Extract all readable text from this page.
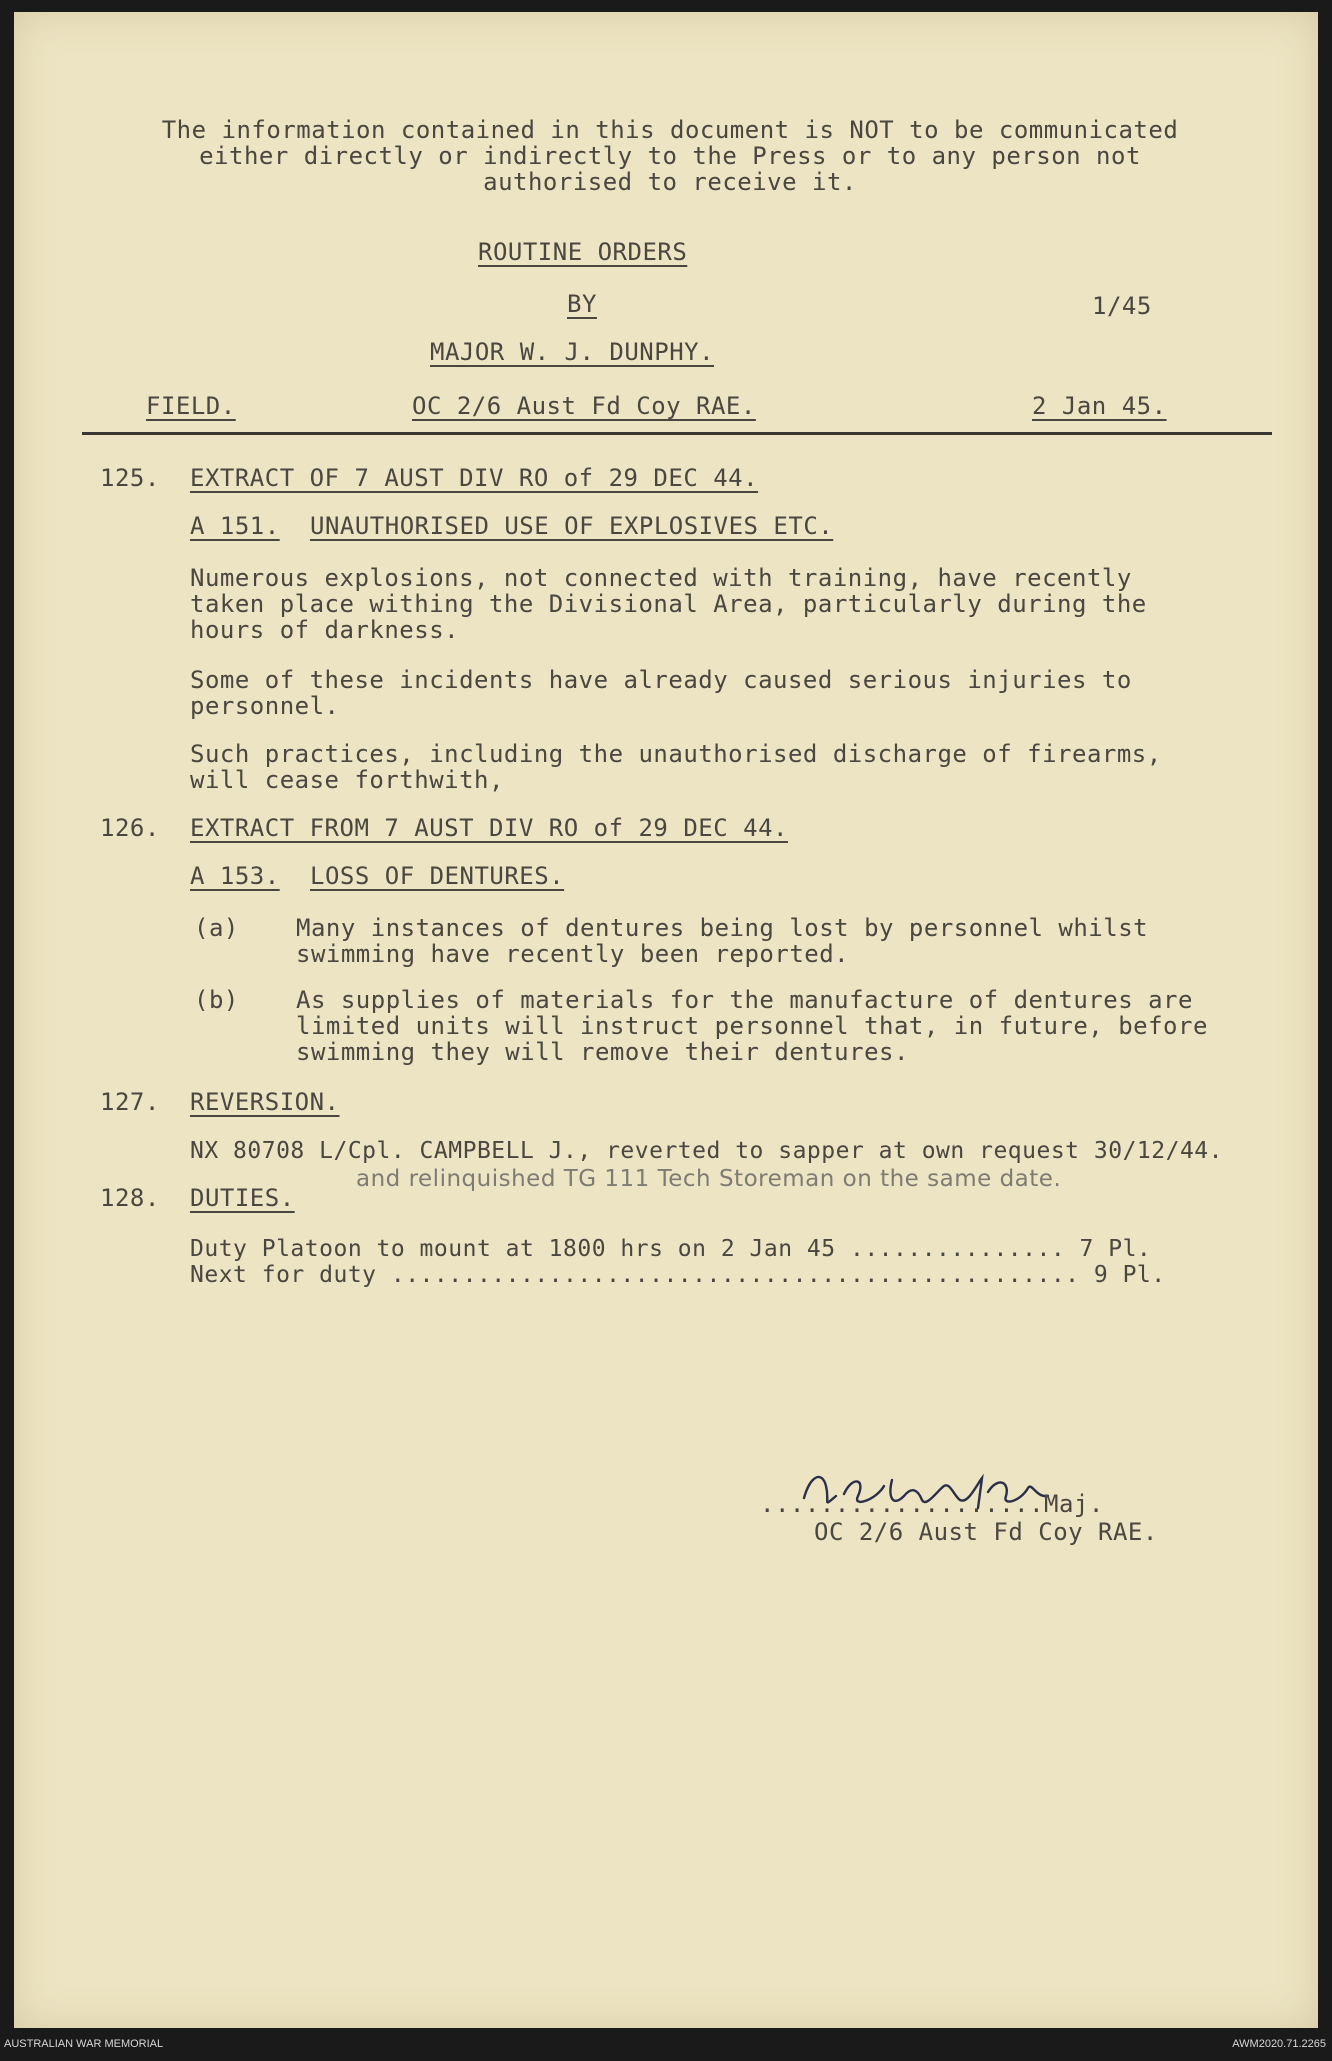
The information contained in this document is NOT to be communicated
either directly or indirectly to the Press or to any person not
authorised to receive it.
ROUTINE ORDERS
BY	1/45
MAJOR W. J. DUNPHY.
FIELD.	OC 2/6 Aust Fd Coy RAE.	2 Jan 45.
125. EXTRACT OF 7 AUST DIV RO of 29 DEC 44.
A 151. UNAUTHORISED USE OF EXPLOSIVES ETC.
Numerous explosions, not connected with training, have recently
taken place withing the Divisional Area, particularly during the
hours of darkness.
Some of these incidents have already caused serious injuries to
personnel.
Such practices, including the unauthorised discharge of firearms,
will cease forthwith,
126. EXTRACT FROM 7 AUST DIV RO of 29 DEC 44.
A 153. LOSS OF DENTURES.
(a) Many instances of dentures being lost by personnel whilst
swimming have recently been reported.
(b) As supplies of materials for the manufacture of dentures are
limited units will instruct personnel that, in future, before
swimming they will remove their dentures.
127. REVERSION.
NX 80708 L/Cpl. CAMPBELL J., reverted to sapper at own request 30/12/44.
and relinquished TG 111 Tech Storeman on the same date.
128. DUTIES.
Duty Platoon to mount at 1800 hrs on 2 Jan 45 ............... 7 Pl.
Next for duty ................................................ 9 Pl.
...................Maj.
OC 2/6 Aust Fd Coy RAE.
AUSTRALIAN WAR MEMORIAL	AWM2020.71.2265
